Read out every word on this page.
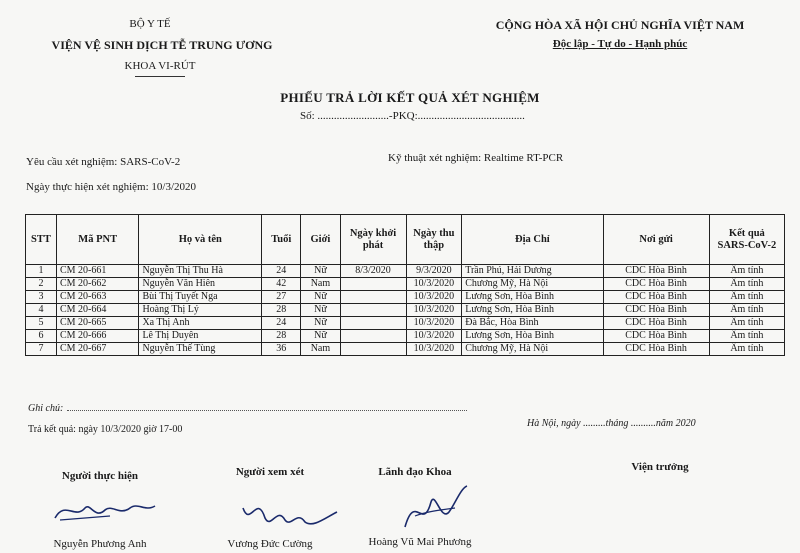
BỘ Y TẾ
VIỆN VỆ SINH DỊCH TỄ TRUNG ƯƠNG
KHOA VI-RÚT
CỘNG HÒA XÃ HỘI CHỦ NGHĨA VIỆT NAM
Độc lập - Tự do - Hạnh phúc
PHIẾU TRẢ LỜI KẾT QUẢ XÉT NGHIỆM
Số: ..........................-PKQ:.......................................
Yêu cầu xét nghiệm: SARS-CoV-2	Kỹ thuật xét nghiệm: Realtime RT-PCR
Ngày thực hiện xét nghiệm: 10/3/2020
STT	Mã PNT	Họ và tên	Tuổi	Giới	Ngày khởi phát	Ngày thu thập	Địa Chỉ	Nơi gửi	Kết quả SARS-CoV-2
1	CM 20-661	Nguyễn Thị Thu Hà	24	Nữ	8/3/2020	9/3/2020	Trần Phú, Hải Dương	CDC Hòa Bình	Âm tính
2	CM 20-662	Nguyễn Văn Hiên	42	Nam		10/3/2020	Chương Mỹ, Hà Nội	CDC Hòa Bình	Âm tính
3	CM 20-663	Bùi Thị Tuyết Nga	27	Nữ		10/3/2020	Lương Sơn, Hòa Bình	CDC Hòa Bình	Âm tính
4	CM 20-664	Hoàng Thị Lý	28	Nữ		10/3/2020	Lương Sơn, Hòa Bình	CDC Hòa Bình	Âm tính
5	CM 20-665	Xa Thị Anh	24	Nữ		10/3/2020	Đà Bắc, Hòa Bình	CDC Hòa Bình	Âm tính
6	CM 20-666	Lê Thị Duyên	28	Nữ		10/3/2020	Lương Sơn, Hòa Bình	CDC Hòa Bình	Âm tính
7	CM 20-667	Nguyễn Thế Tùng	36	Nam		10/3/2020	Chương Mỹ, Hà Nội	CDC Hòa Bình	Âm tính
Ghi chú:
Trả kết quả: ngày 10/3/2020 giờ 17-00
Hà Nội, ngày .........tháng ..........năm 2020
Người thực hiện	Người xem xét	Lãnh đạo Khoa	Viện trưởng
Nguyễn Phương Anh	Vương Đức Cường	Hoàng Vũ Mai Phương
